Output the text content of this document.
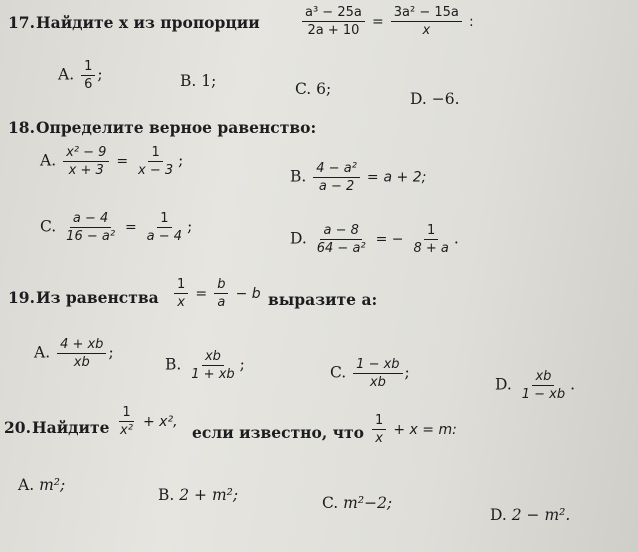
17. Найдите x из пропорции	$\frac{\text{a³ − 25a}}{2a + 10} = \frac{\text{3a² − 15a}}{x}$ :
A. $\frac{1}{6}$ ;	B. 1;	C. 6;
D. −6.
18. Определите верное равенство:
A. $\frac{\text{x² − 9}}{x + 3} = \frac{1}{x - 3}$ ;
B. $\frac{\text{4 − a²}}{a - 2} = a + 2$;
C. $\frac{a - 4}{\text{16 − a²}} = \frac{1}{a - 4}$ ;
D. $\frac{a - 8}{\text{64 − a²}}$ = − $\frac{1}{8 + a}$ .
19. Из равенства $\frac{1}{x} = \frac{b}{a} - b$ выразите a:
A. $\frac{4 + xb}{xb}$ ;
B. $\frac{xb}{1 + xb}$ ;	C. $\frac{1 - xb}{xb}$ ;
D. $\frac{xb}{1 - xb}$ .
20. Найдите $\frac{1}{\text{x²}} + x^2$,
если известно, что $\frac{1}{x} + x = m$:
A. m²;
B. 2 + m²;	C. m²−2;
D. 2 − m².
